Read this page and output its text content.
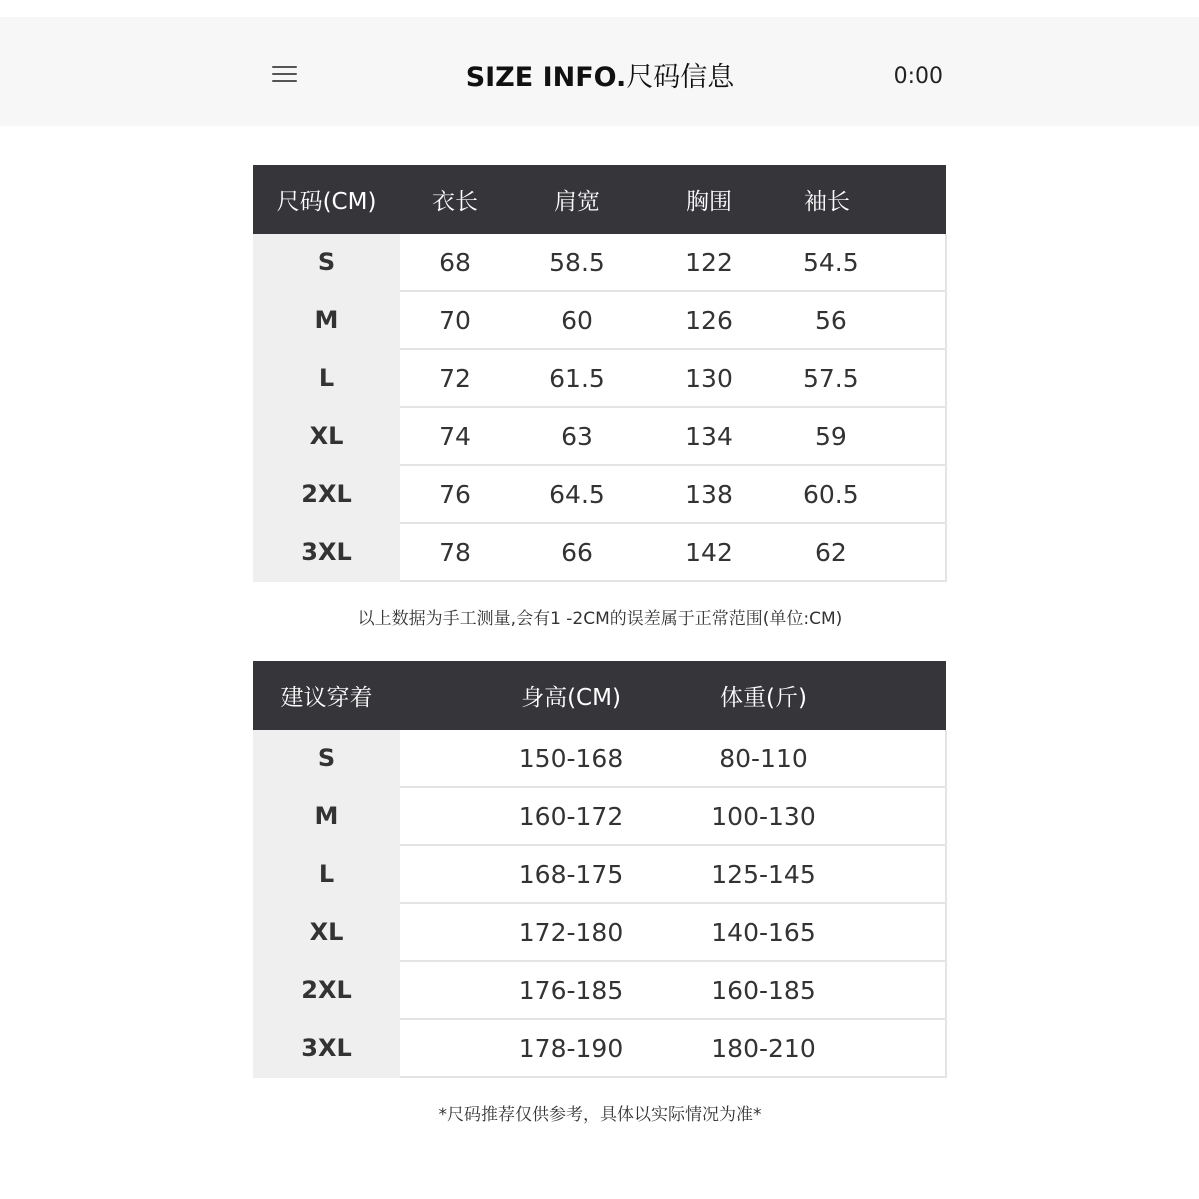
SIZE INFO.尺码信息	0:00
尺码(CM)	衣长	肩宽	胸围	袖长
S	68	58.5	122	54.5
M	70	60	126	56
L	72	61.5	130	57.5
XL	74	63	134	59
2XL	76	64.5	138	60.5
3XL	78	66	142	62
以上数据为手工测量,会有1 -2CM的误差属于正常范围(单位:CM)
建议穿着	身高(CM)	体重(斤)	
S	150-168	80-110	
M	160-172	100-130	
L	168-175	125-145	
XL	172-180	140-165	
2XL	176-185	160-185	
3XL	178-190	180-210	
*尺码推荐仅供参考，具体以实际情况为准*
